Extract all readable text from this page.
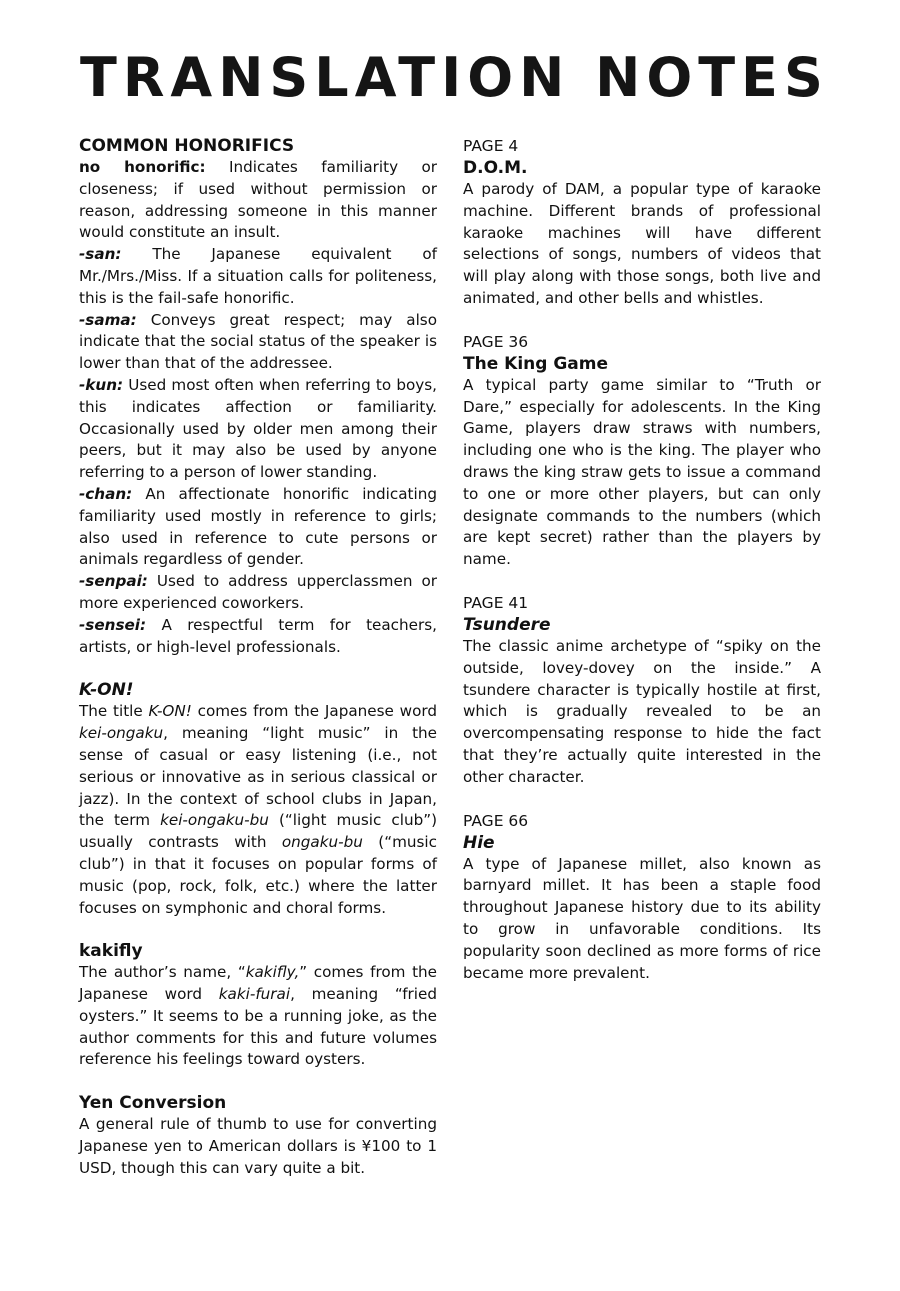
TRANSLATION NOTES
COMMON HONORIFICS

no honorific: Indicates familiarity or closeness; if used without permission or reason, addressing someone in this manner would constitute an insult.

-san: The Japanese equivalent of Mr./Mrs./Miss. If a situation calls for politeness, this is the fail-safe honorific.

-sama: Conveys great respect; may also indicate that the social status of the speaker is lower than that of the addressee.

-kun: Used most often when referring to boys, this indicates affection or familiarity. Occasionally used by older men among their peers, but it may also be used by anyone referring to a person of lower standing.

-chan: An affectionate honorific indicating familiarity used mostly in reference to girls; also used in reference to cute persons or animals regardless of gender.

-senpai: Used to address upperclassmen or more experienced coworkers.

-sensei: A respectful term for teachers, artists, or high-level professionals.

K-ON!

The title K-ON! comes from the Japanese word kei-ongaku, meaning “light music” in the sense of casual or easy listening (i.e., not serious or innovative as in serious classical or jazz). In the context of school clubs in Japan, the term kei-ongaku-bu (“light music club”) usually contrasts with ongaku-bu (“music club”) in that it focuses on popular forms of music (pop, rock, folk, etc.) where the latter focuses on symphonic and choral forms.

kakifly

The author’s name, “kakifly,” comes from the Japanese word kaki-furai, meaning “fried oysters.” It seems to be a running joke, as the author comments for this and future volumes reference his feelings toward oysters.

Yen Conversion

A general rule of thumb to use for converting Japanese yen to American dollars is ¥100 to 1 USD, though this can vary quite a bit.

PAGE 4
D.O.M.

A parody of DAM, a popular type of karaoke machine. Different brands of professional karaoke machines will have different selections of songs, numbers of videos that will play along with those songs, both live and animated, and other bells and whistles.

PAGE 36
The King Game

A typical party game similar to “Truth or Dare,” especially for adolescents. In the King Game, players draw straws with numbers, including one who is the king. The player who draws the king straw gets to issue a command to one or more other players, but can only designate commands to the numbers (which are kept secret) rather than the players by name.

PAGE 41
Tsundere

The classic anime archetype of “spiky on the outside, lovey-dovey on the inside.” A tsundere character is typically hostile at first, which is gradually revealed to be an overcompensating response to hide the fact that they’re actually quite interested in the other character.

PAGE 66
Hie

A type of Japanese millet, also known as barnyard millet. It has been a staple food throughout Japanese history due to its ability to grow in unfavorable conditions. Its popularity soon declined as more forms of rice became more prevalent.
